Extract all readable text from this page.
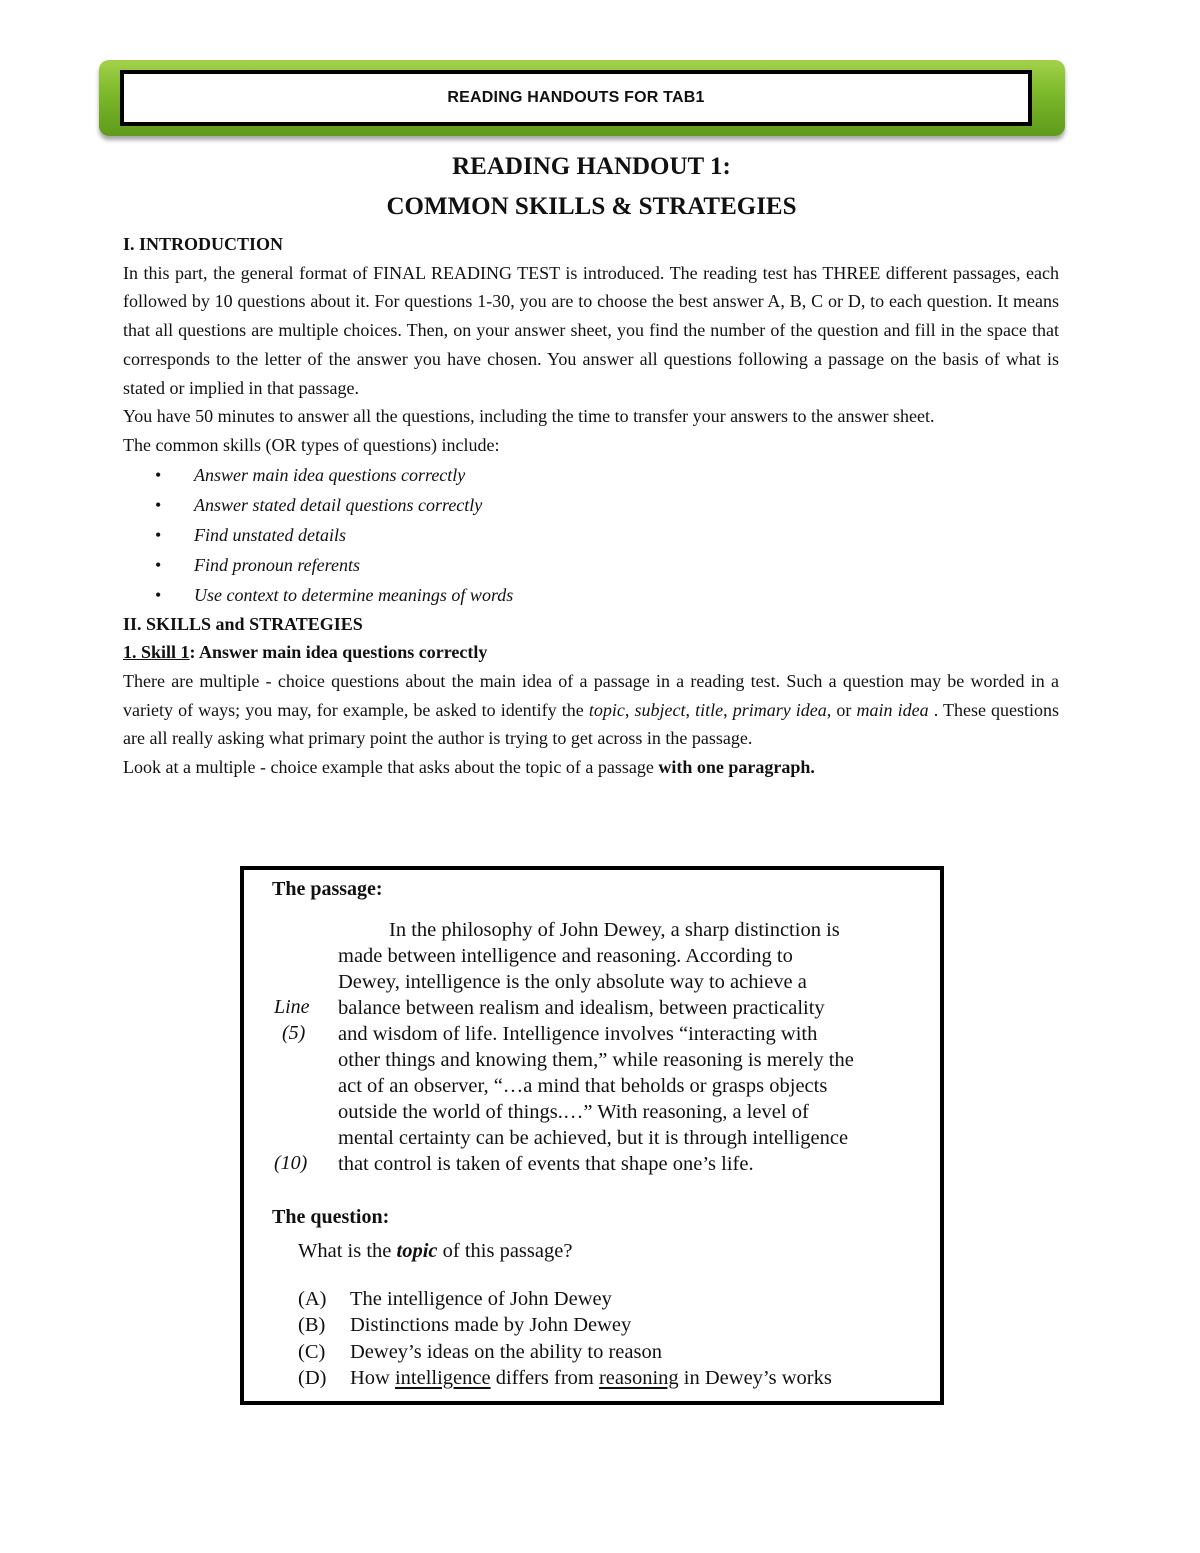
READING HANDOUTS FOR TAB1
READING HANDOUT 1:
COMMON SKILLS & STRATEGIES

I. INTRODUCTION

In this part, the general format of FINAL READING TEST is introduced. The reading test has THREE different passages, each followed by 10 questions about it. For questions 1-30, you are to choose the best answer A, B, C or D, to each question. It means that all questions are multiple choices. Then, on your answer sheet, you find the number of the question and fill in the space that corresponds to the letter of the answer you have chosen. You answer all questions following a passage on the basis of what is stated or implied in that passage.

You have 50 minutes to answer all the questions, including the time to transfer your answers to the answer sheet.

The common skills (OR types of questions) include:

• Answer main idea questions correctly
• Answer stated detail questions correctly
• Find unstated details
• Find pronoun referents
• Use context to determine meanings of words

II. SKILLS and STRATEGIES

1. Skill 1: Answer main idea questions correctly

There are multiple - choice questions about the main idea of a passage in a reading test. Such a question may be worded in a variety of ways; you may, for example, be asked to identify the topic, subject, title, primary idea, or main idea . These questions are all really asking what primary point the author is trying to get across in the passage.

Look at a multiple - choice example that asks about the topic of a passage with one paragraph.

The passage:
Line
(5)
(10)
In the philosophy of John Dewey, a sharp distinction is
made between intelligence and reasoning. According to
Dewey, intelligence is the only absolute way to achieve a
balance between realism and idealism, between practicality
and wisdom of life. Intelligence involves “interacting with
other things and knowing them,” while reasoning is merely the
act of an observer, “…a mind that beholds or grasps objects
outside the world of things.…” With reasoning, a level of
mental certainty can be achieved, but it is through intelligence
that control is taken of events that shape one’s life.
The question:
What is the topic of this passage?
(A)	The intelligence of John Dewey
(B)	Distinctions made by John Dewey
(C)	Dewey’s ideas on the ability to reason
(D)	How intelligence differs from reasoning in Dewey’s works
